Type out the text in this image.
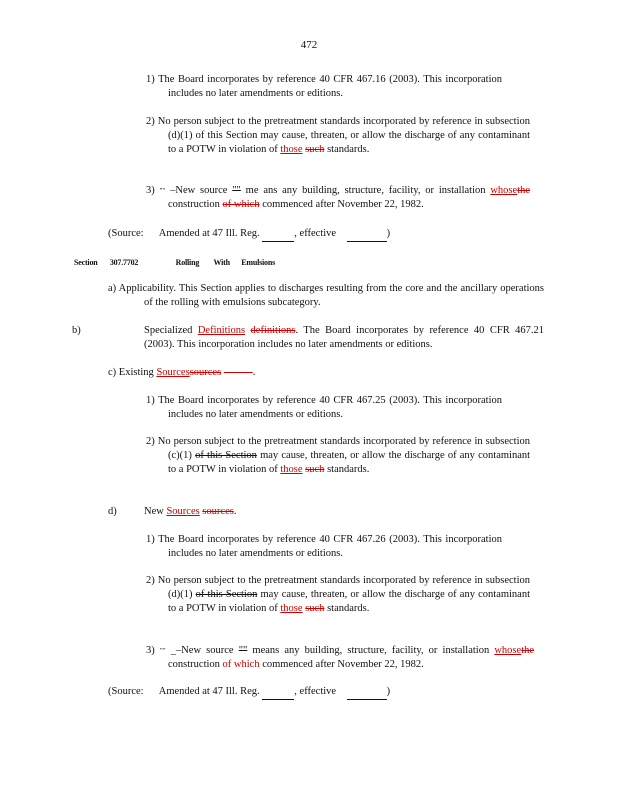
472
1) The Board incorporates by reference 40 CFR 467.16 (2003). This incorporation includes no later amendments or editions.
2) No person subject to the pretreatment standards incorporated by reference in subsection (d)(1) of this Section may cause, threaten, or allow the discharge of any contaminant to a POTW in violation of those such standards.
3) "" –New source "" me ans any building, structure, facility, or installation whosethe construction of which commenced after November 22, 1982.
(Source: Amended at 47 Ill. Reg.	, effective	)
Section 307.7702	Rolling With Emulsions
a) Applicability. This Section applies to discharges resulting from the core and the ancillary operations of the rolling with emulsions subcategory.
b)	Specialized Definitions definitions. The Board incorporates by reference 40 CFR 467.21 (2003). This incorporation includes no later amendments or editions.
c) Existing Sourcessources	.
1) The Board incorporates by reference 40 CFR 467.25 (2003). This incorporation includes no later amendments or editions.
2) No person subject to the pretreatment standards incorporated by reference in subsection (c)(1) of this Section may cause, threaten, or allow the discharge of any contaminant to a POTW in violation of those such standards.
d)	New Sources sources.
1) The Board incorporates by reference 40 CFR 467.26 (2003). This incorporation includes no later amendments or editions.
2) No person subject to the pretreatment standards incorporated by reference in subsection (d)(1) of this Section may cause, threaten, or allow the discharge of any contaminant to a POTW in violation of those such standards.
3) "" _–New source "" means any building, structure, facility, or installation whosethe construction of which commenced after November 22, 1982.
(Source: Amended at 47 Ill. Reg.	, effective	)
